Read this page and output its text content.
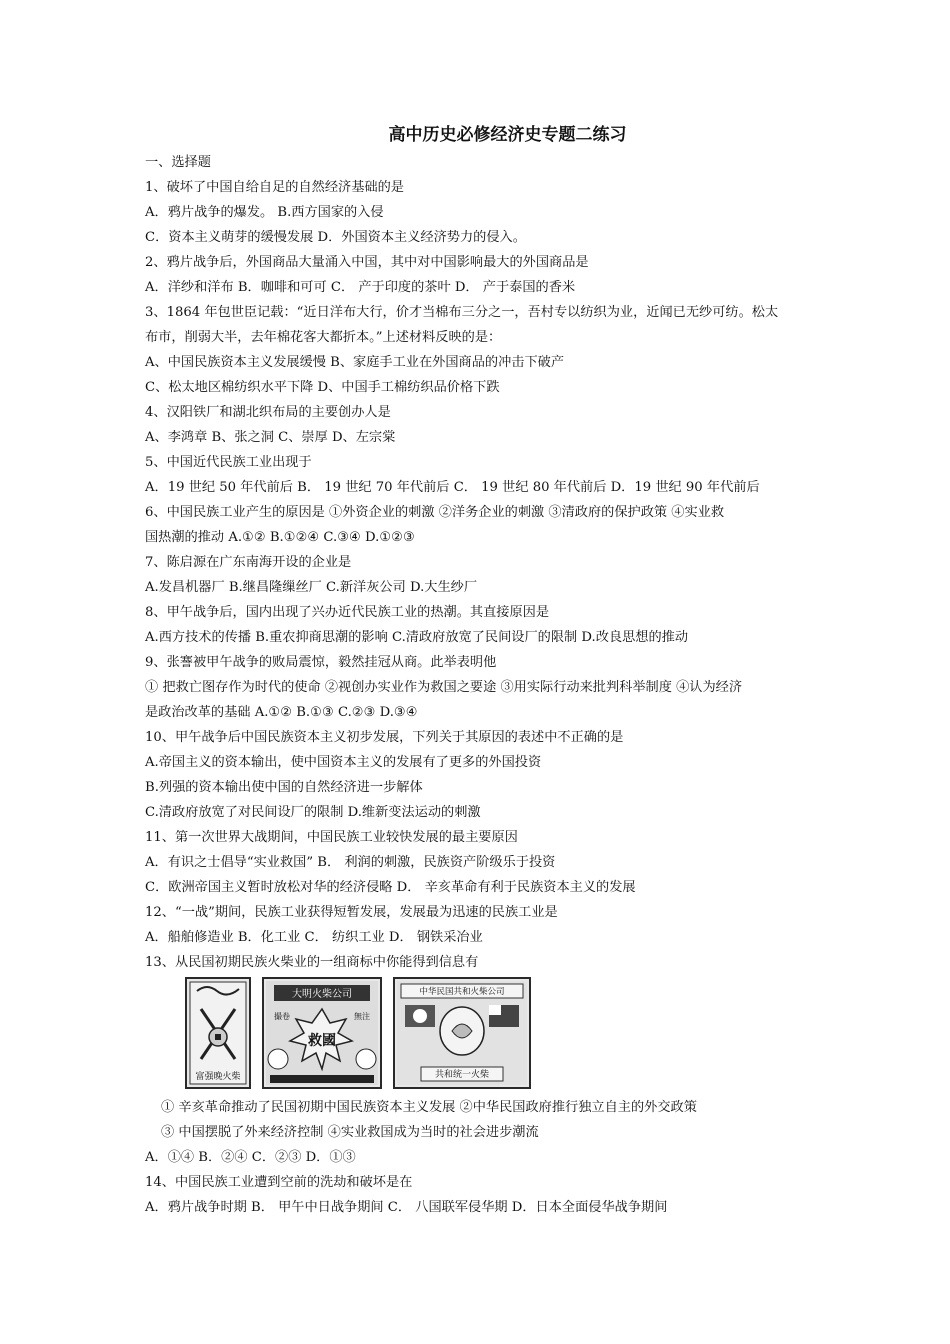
高中历史必修经济史专题二练习
一、选择题
1、破坏了中国自给自足的自然经济基础的是
A．鸦片战争的爆发。 B.西方国家的入侵
C．资本主义萌芽的缓慢发展 D．外国资本主义经济势力的侵入。
2、鸦片战争后，外国商品大量涌入中国，其中对中国影响最大的外国商品是
A．洋纱和洋布 B．咖啡和可可 C． 产于印度的茶叶 D． 产于泰国的香米
3、1864 年包世臣记载：“近日洋布大行，价才当棉布三分之一，吾村专以纺织为业，近闻已无纱可纺。松太
布市，削弱大半，去年棉花客大都折本。”上述材料反映的是：
A、中国民族资本主义发展缓慢 B、家庭手工业在外国商品的冲击下破产
C、松太地区棉纺织水平下降 D、中国手工棉纺织品价格下跌
4、汉阳铁厂和湖北织布局的主要创办人是
A、李鸿章 B、张之洞 C、崇厚 D、左宗棠
5、中国近代民族工业出现于
A．19 世纪 50 年代前后 B． 19 世纪 70 年代前后 C． 19 世纪 80 年代前后 D．19 世纪 90 年代前后
6、中国民族工业产生的原因是 ①外资企业的刺激 ②洋务企业的刺激 ③清政府的保护政策 ④实业救
国热潮的推动 A.①② B.①②④ C.③④ D.①②③
7、陈启源在广东南海开设的企业是
A.发昌机器厂 B.继昌隆缫丝厂 C.新洋灰公司 D.大生纱厂
8、甲午战争后，国内出现了兴办近代民族工业的热潮。其直接原因是
A.西方技术的传播 B.重农抑商思潮的影响 C.清政府放宽了民间设厂的限制 D.改良思想的推动
9、张謇被甲午战争的败局震惊，毅然挂冠从商。此举表明他
① 把救亡图存作为时代的使命 ②视创办实业作为救国之要途 ③用实际行动来批判科举制度 ④认为经济
是政治改革的基础 A.①② B.①③ C.②③ D.③④
10、甲午战争后中国民族资本主义初步发展，下列关于其原因的表述中不正确的是
A.帝国主义的资本输出，使中国资本主义的发展有了更多的外国投资
B.列强的资本输出使中国的自然经济进一步解体
C.清政府放宽了对民间设厂的限制 D.维新变法运动的刺激
11、第一次世界大战期间，中国民族工业较快发展的最主要原因
A．有识之士倡导“实业救国” B． 利润的刺激，民族资产阶级乐于投资
C．欧洲帝国主义暂时放松对华的经济侵略 D． 辛亥革命有利于民族资本主义的发展
12、“一战”期间，民族工业获得短暂发展，发展最为迅速的民族工业是
A．船舶修造业 B．化工业 C． 纺织工业 D． 钢铁采冶业
13、从民国初期民族火柴业的一组商标中你能得到信息有
富强晚火柴
大明火柴公司
救國
撮卷	無注
中华民国共和火柴公司
共和统一火柴
① 辛亥革命推动了民国初期中国民族资本主义发展 ②中华民国政府推行独立自主的外交政策
③ 中国摆脱了外来经济控制 ④实业救国成为当时的社会进步潮流
A．①④ B．②④ C．②③ D．①③
14、中国民族工业遭到空前的洗劫和破坏是在
A．鸦片战争时期 B． 甲午中日战争期间 C． 八国联军侵华期 D．日本全面侵华战争期间
